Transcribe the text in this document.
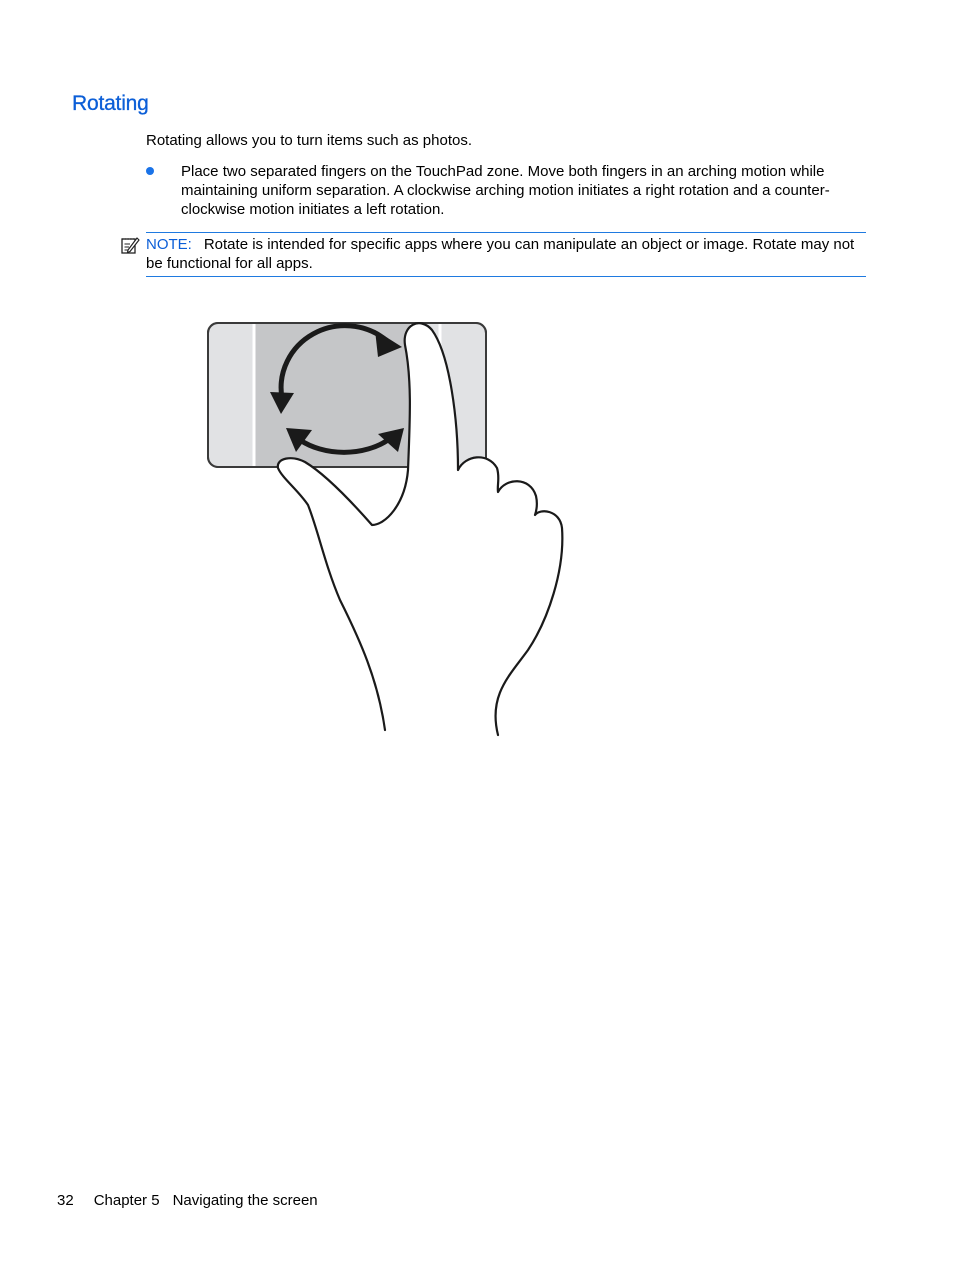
Rotating

Rotating allows you to turn items such as photos.

Place two separated fingers on the TouchPad zone. Move both fingers in an arching motion while maintaining uniform separation. A clockwise arching motion initiates a right rotation and a counter-clockwise motion initiates a left rotation.
NOTE: Rotate is intended for specific apps where you can manipulate an object or image. Rotate may not be functional for all apps.
32 Chapter 5 Navigating the screen
